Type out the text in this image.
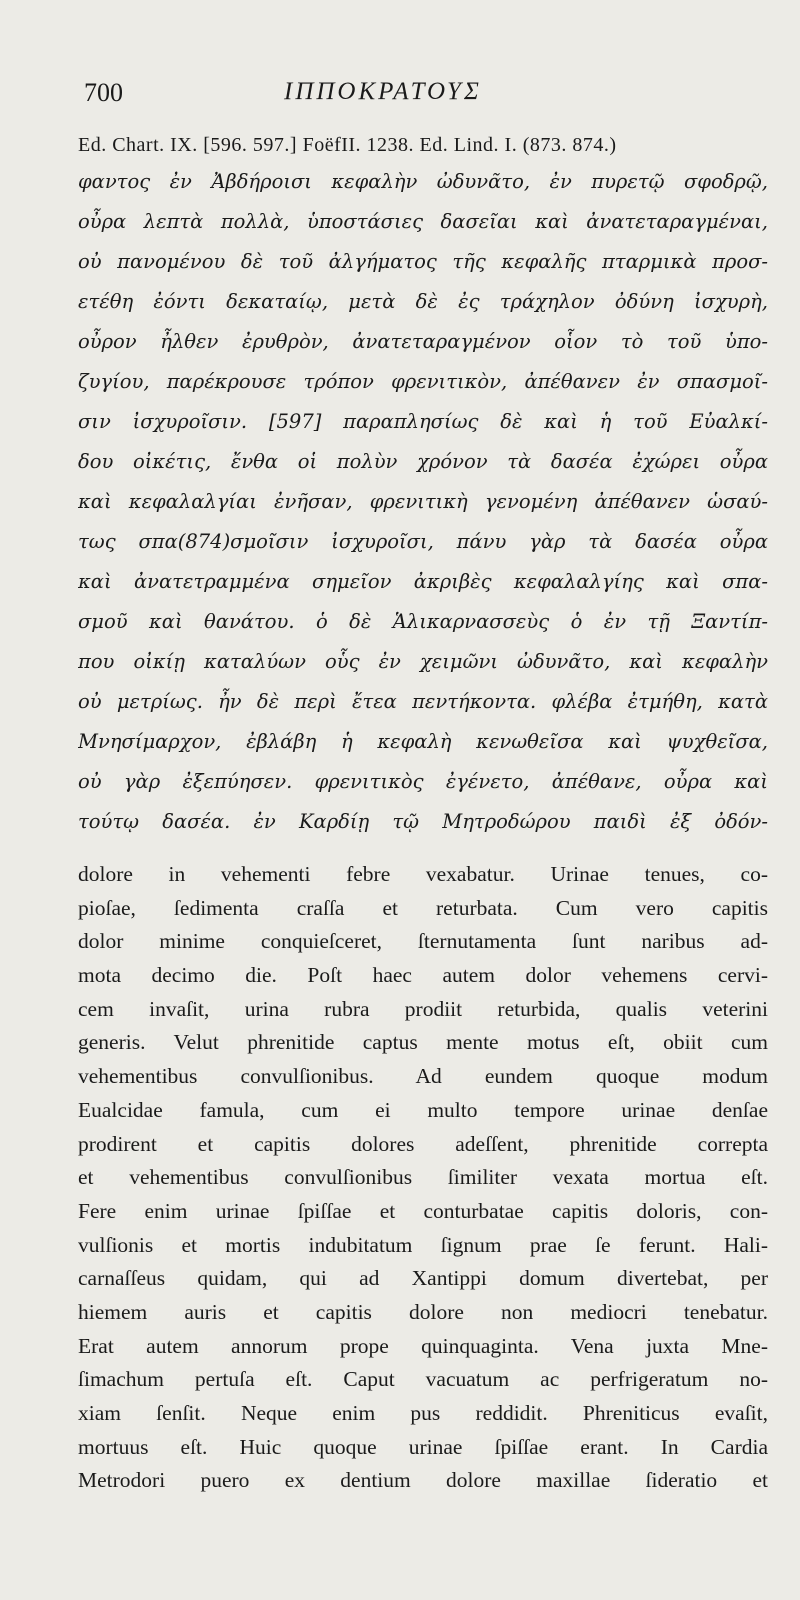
700	ΙΠΠΟΚΡΑΤΟΥΣ
Ed. Chart. IX. [596. 597.] FoëfII. 1238. Ed. Lind. I. (873. 874.)
φαντος ἐν Ἀβδήροισι κεφαλὴν ὠδυνᾶτο, ἐν πυρετῷ σφοδρῷ,
οὖρα λεπτὰ πολλὰ, ὑποστάσιες δασεῖαι καὶ ἀνατεταραγμέναι,
οὐ πανομένου δὲ τοῦ ἀλγήματος τῆς κεφαλῆς πταρμικὰ προσ-
ετέθη ἐόντι δεκαταίῳ, μετὰ δὲ ἐς τράχηλον ὀδύνη ἰσχυρὴ,
οὖρον ἦλθεν ἐρυθρὸν, ἀνατεταραγμένον οἷον τὸ τοῦ ὑπο-
ζυγίου, παρέκρουσε τρόπον φρενιτικὸν, ἀπέθανεν ἐν σπασμοῖ-
σιν ἰσχυροῖσιν. [597] παραπλησίως δὲ καὶ ἡ τοῦ Εὐαλκί-
δου οἰκέτις, ἔνθα οἱ πολὺν χρόνον τὰ δασέα ἐχώρει οὖρα
καὶ κεφαλαλγίαι ἐνῆσαν, φρενιτικὴ γενομένη ἀπέθανεν ὡσαύ-
τως σπα(874)σμοῖσιν ἰσχυροῖσι, πάνυ γὰρ τὰ δασέα οὖρα
καὶ ἀνατετραμμένα σημεῖον ἀκριβὲς κεφαλαλγίης καὶ σπα-
σμοῦ καὶ θανάτου. ὁ δὲ Ἁλικαρνασσεὺς ὁ ἐν τῇ Ξαντίπ-
που οἰκίῃ καταλύων οὗς ἐν χειμῶνι ὠδυνᾶτο, καὶ κεφαλὴν
οὐ μετρίως. ἦν δὲ περὶ ἔτεα πεντήκοντα. φλέβα ἐτμήθη, κατὰ
Μνησίμαρχον, ἐβλάβη ἡ κεφαλὴ κενωθεῖσα καὶ ψυχθεῖσα,
οὐ γὰρ ἐξεπύησεν. φρενιτικὸς ἐγένετο, ἀπέθανε, οὖρα καὶ
τούτῳ δασέα. ἐν Καρδίῃ τῷ Μητροδώρου παιδὶ ἐξ ὀδόν-
dolore in vehementi febre vexabatur. Urinae tenues, co-
pioſae, ſedimenta craſſa et returbata. Cum vero capitis
dolor minime conquieſceret, ſternutamenta ſunt naribus ad-
mota decimo die. Poſt haec autem dolor vehemens cervi-
cem invaſit, urina rubra prodiit returbida, qualis veterini
generis. Velut phrenitide captus mente motus eſt, obiit cum
vehementibus convulſionibus. Ad eundem quoque modum
Eualcidae famula, cum ei multo tempore urinae denſae
prodirent et capitis dolores adeſſent, phrenitide correpta
et vehementibus convulſionibus ſimiliter vexata mortua eſt.
Fere enim urinae ſpiſſae et conturbatae capitis doloris, con-
vulſionis et mortis indubitatum ſignum prae ſe ferunt. Hali-
carnaſſeus quidam, qui ad Xantippi domum divertebat, per
hiemem auris et capitis dolore non mediocri tenebatur.
Erat autem annorum prope quinquaginta. Vena juxta Mne-
ſimachum pertuſa eſt. Caput vacuatum ac perfrigeratum no-
xiam ſenſit. Neque enim pus reddidit. Phreniticus evaſit,
mortuus eſt. Huic quoque urinae ſpiſſae erant. In Cardia
Metrodori puero ex dentium dolore maxillae ſideratio et
